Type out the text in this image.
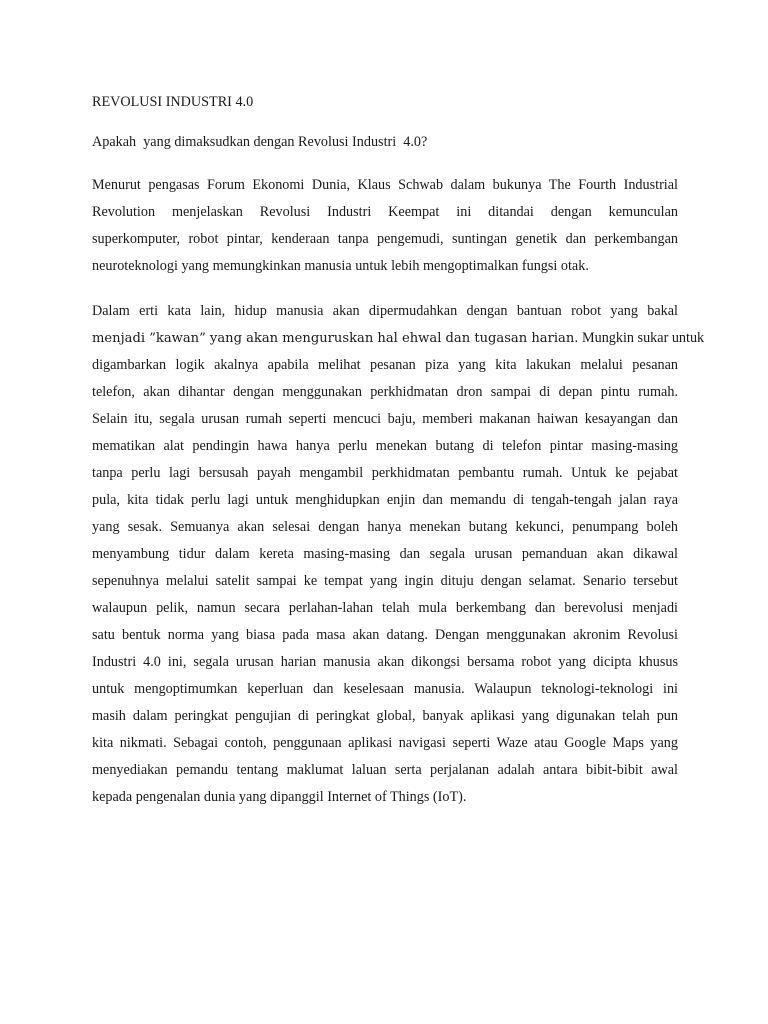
REVOLUSI INDUSTRI 4.0
Apakah  yang dimaksudkan dengan Revolusi Industri  4.0?
Menurut pengasas Forum Ekonomi Dunia, Klaus Schwab dalam bukunya The Fourth Industrial
Revolution menjelaskan Revolusi Industri Keempat ini ditandai dengan kemunculan
superkomputer, robot pintar, kenderaan tanpa pengemudi, suntingan genetik dan perkembangan
neuroteknologi yang memungkinkan manusia untuk lebih mengoptimalkan fungsi otak.
Dalam erti kata lain, hidup manusia akan dipermudahkan dengan bantuan robot yang bakal
menjadi ”kawan” yang akan menguruskan hal ehwal dan tugasan harian. Mungkin sukar untuk
digambarkan logik akalnya apabila melihat pesanan piza yang kita lakukan melalui pesanan
telefon, akan dihantar dengan menggunakan perkhidmatan dron sampai di depan pintu rumah.
Selain itu, segala urusan rumah seperti mencuci baju, memberi makanan haiwan kesayangan dan
mematikan alat pendingin hawa hanya perlu menekan butang di telefon pintar masing-masing
tanpa perlu lagi bersusah payah mengambil perkhidmatan pembantu rumah. Untuk ke pejabat
pula, kita tidak perlu lagi untuk menghidupkan enjin dan memandu di tengah-tengah jalan raya
yang sesak. Semuanya akan selesai dengan hanya menekan butang kekunci, penumpang boleh
menyambung tidur dalam kereta masing-masing dan segala urusan pemanduan akan dikawal
sepenuhnya melalui satelit sampai ke tempat yang ingin dituju dengan selamat. Senario tersebut
walaupun pelik, namun secara perlahan-lahan telah mula berkembang dan berevolusi menjadi
satu bentuk norma yang biasa pada masa akan datang. Dengan menggunakan akronim Revolusi
Industri 4.0 ini, segala urusan harian manusia akan dikongsi bersama robot yang dicipta khusus
untuk mengoptimumkan keperluan dan keselesaan manusia. Walaupun teknologi-teknologi ini
masih dalam peringkat pengujian di peringkat global, banyak aplikasi yang digunakan telah pun
kita nikmati. Sebagai contoh, penggunaan aplikasi navigasi seperti Waze atau Google Maps yang
menyediakan pemandu tentang maklumat laluan serta perjalanan adalah antara bibit-bibit awal
kepada pengenalan dunia yang dipanggil Internet of Things (IoT).
